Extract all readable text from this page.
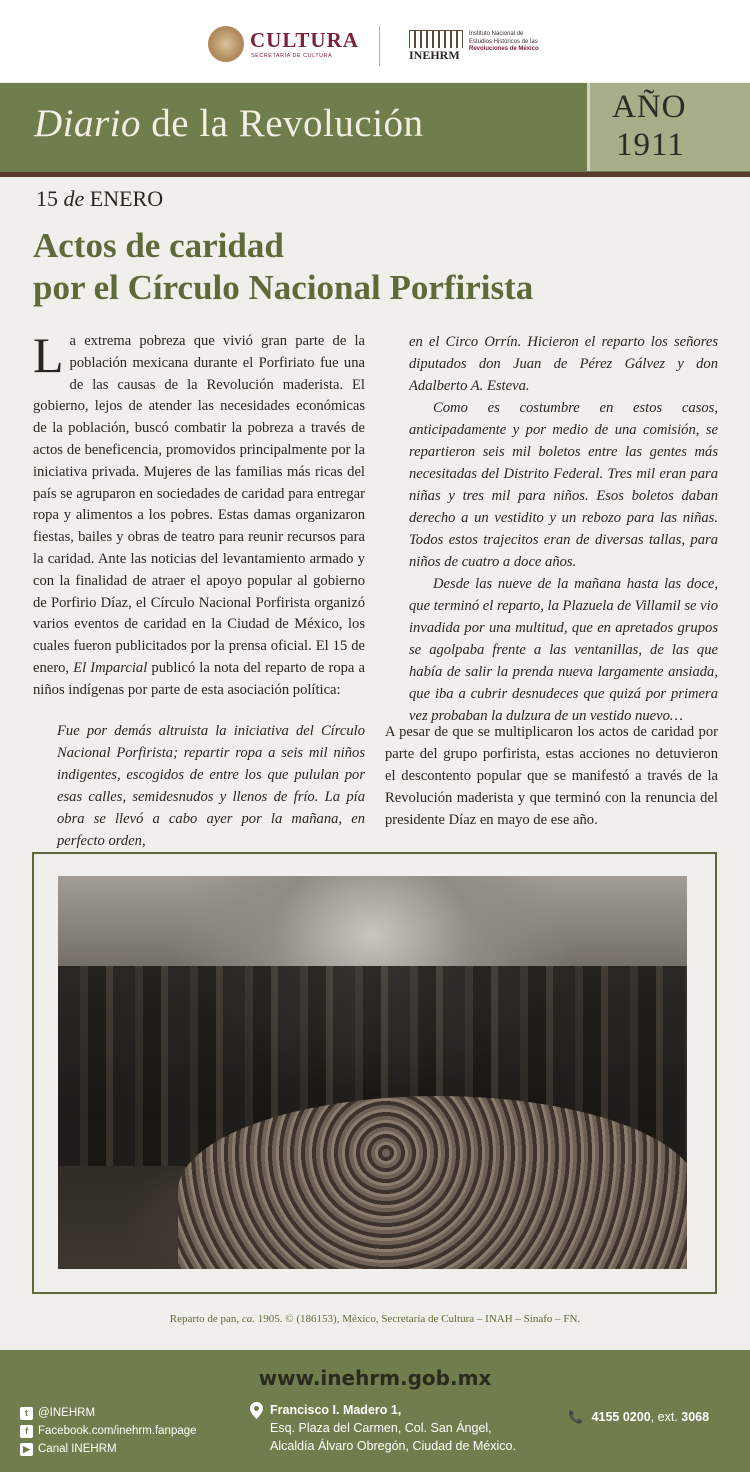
CULTURA
SECRETARÍA DE CULTURA	INEHRM
Instituto Nacional de
Estudios Históricos de las
Revoluciones de México
Diario de la Revolución	AÑO
1911
15 de ENERO
Actos de caridad
por el Círculo Nacional Porfirista
La extrema pobreza que vivió gran parte de la población mexicana durante el Porfiriato fue una de las causas de la Revolución maderista. El gobierno, lejos de atender las necesidades económicas de la población, buscó combatir la pobreza a través de actos de beneficencia, promovidos principalmente por la iniciativa privada. Mujeres de las familias más ricas del país se agruparon en sociedades de caridad para entregar ropa y alimentos a los pobres. Estas damas organizaron fiestas, bailes y obras de teatro para reunir recursos para la caridad. Ante las noticias del levantamiento armado y con la finalidad de atraer el apoyo popular al gobierno de Porfirio Díaz, el Círculo Nacional Porfirista organizó varios eventos de caridad en la Ciudad de México, los cuales fueron publicitados por la prensa oficial. El 15 de enero, El Imparcial publicó la nota del reparto de ropa a niños indígenas por parte de esta asociación política:
Fue por demás altruista la iniciativa del Círculo Nacional Porfirista; repartir ropa a seis mil niños indigentes, escogidos de entre los que pululan por esas calles, semidesnudos y llenos de frío. La pía obra se llevó a cabo ayer por la mañana, en perfecto orden,
en el Circo Orrín. Hicieron el reparto los señores diputados don Juan de Pérez Gálvez y don Adalberto A. Esteva.
Como es costumbre en estos casos, anticipadamente y por medio de una comisión, se repartieron seis mil boletos entre las gentes más necesitadas del Distrito Federal. Tres mil eran para niñas y tres mil para niños. Esos boletos daban derecho a un vestidito y un rebozo para las niñas. Todos estos trajecitos eran de diversas tallas, para niños de cuatro a doce años.
Desde las nueve de la mañana hasta las doce, que terminó el reparto, la Plazuela de Villamil se vio invadida por una multitud, que en apretados grupos se agolpaba frente a las ventanillas, de las que había de salir la prenda nueva largamente ansiada, que iba a cubrir desnudeces que quizá por primera vez probaban la dulzura de un vestido nuevo…
A pesar de que se multiplicaron los actos de caridad por parte del grupo porfirista, estas acciones no detuvieron el descontento popular que se manifestó a través de la Revolución maderista y que terminó con la renuncia del presidente Díaz en mayo de ese año.
Reparto de pan, ca. 1905. © (186153), México, Secretaría de Cultura – INAH – Sinafo – FN.
www.inehrm.gob.mx
t @INEHRM
f Facebook.com/inehrm.fanpage
▶ Canal INEHRM
Francisco I. Madero 1,
Esq. Plaza del Carmen, Col. San Ángel,
Alcaldía Álvaro Obregón, Ciudad de México.
📞 4155 0200, ext. 3068
